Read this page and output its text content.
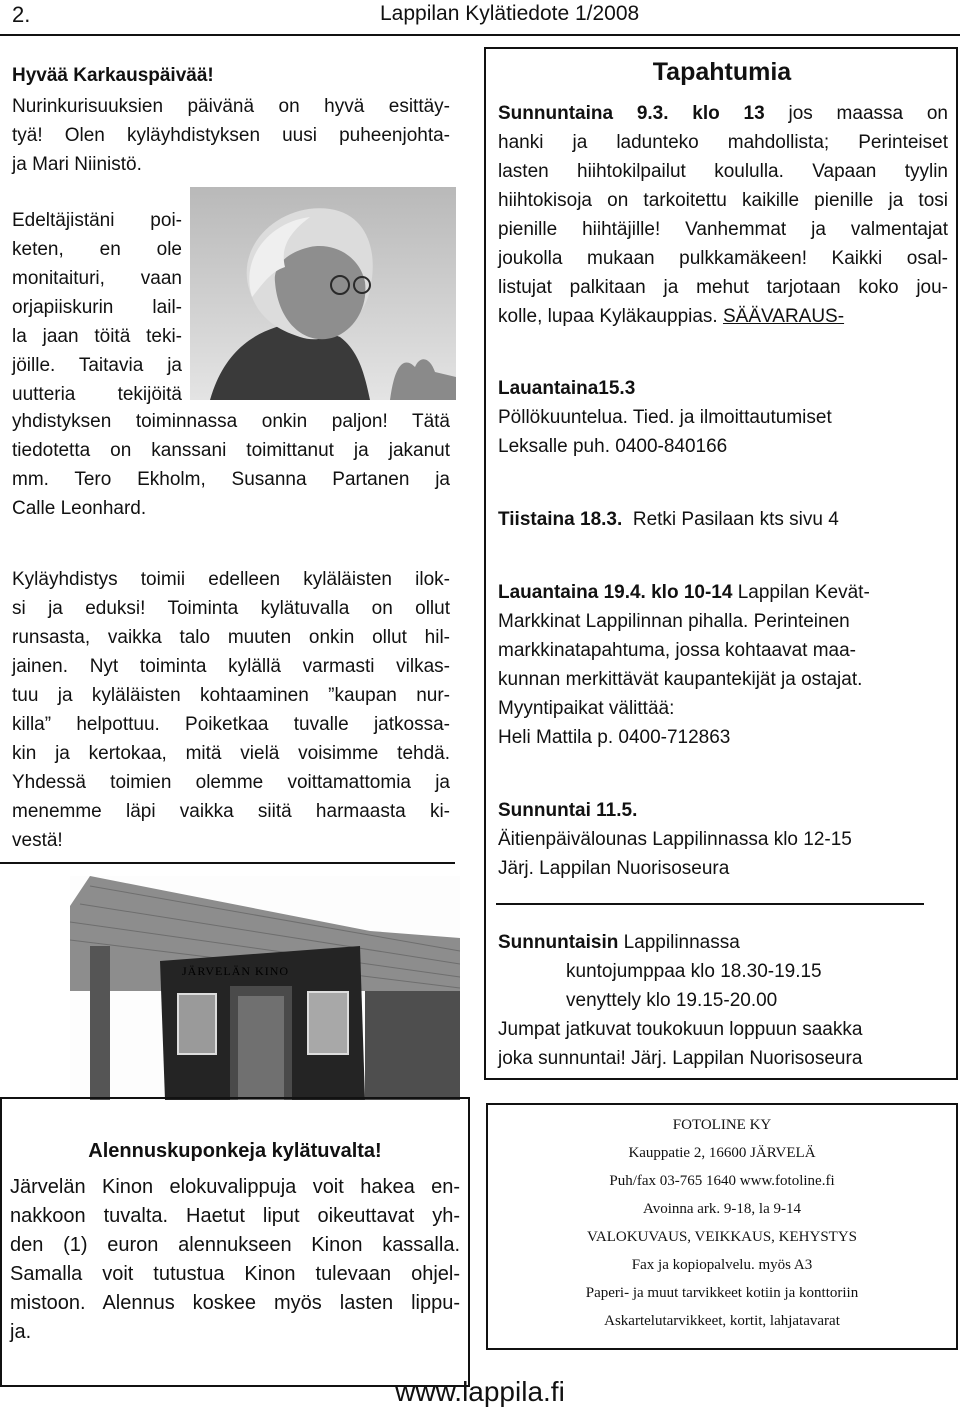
2.	Lappilan Kylätiedote 1/2008
Hyvää Karkauspäivää!

Nurinkurisuuksien päivänä on hyvä esittäy-

tyä! Olen kyläyhdistyksen uusi puheenjohta-

ja Mari Niinistö.

Edeltäjistäni poi-

keten, en ole

monitaituri, vaan

orjapiiskurin lail-

la jaan töitä teki-

jöille. Taitavia ja

uutteria tekijöitä

yhdistyksen toiminnassa onkin paljon! Tätä

tiedotetta on kanssani toimittanut ja jakanut

mm. Tero Ekholm, Susanna Partanen ja

Calle Leonhard.

Kyläyhdistys toimii edelleen kyläläisten ilok-

si ja eduksi! Toiminta kylätuvalla on ollut

runsasta, vaikka talo muuten onkin ollut hil-

jainen. Nyt toiminta kylällä varmasti vilkas-

tuu ja kyläläisten kohtaaminen ”kaupan nur-

killa” helpottuu. Poiketkaa tuvalle jatkossa-

kin ja kertokaa, mitä vielä voisimme tehdä.

Yhdessä toimien olemme voittamattomia ja

menemme läpi vaikka siitä harmaasta ki-

vestä!

JÄRVELÄN KINO
Alennuskuponkeja kylätuvalta!

Järvelän Kinon elokuvalippuja voit hakea en-

nakkoon tuvalta. Haetut liput oikeuttavat yh-

den (1) euron alennukseen Kinon kassalla.

Samalla voit tutustua Kinon tulevaan ohjel-

mistoon. Alennus koskee myös lasten lippu-

ja.

Tapahtumia

Sunnuntaina 9.3. klo 13 jos maassa on

hanki ja ladunteko mahdollista; Perinteiset

lasten hiihtokilpailut koululla. Vapaan tyylin

hiihtokisoja on tarkoitettu kaikille pienille ja tosi

pienille hiihtäjille! Vanhemmat ja valmentajat

joukolla mukaan pulkkamäkeen! Kaikki osal-

listujat palkitaan ja mehut tarjotaan koko jou-

kolle, lupaa Kyläkauppias. SÄÄVARAUS-

Lauantaina15.3

Pöllökuuntelua. Tied. ja ilmoittautumiset

Leksalle puh. 0400-840166

Tiistaina 18.3. Retki Pasilaan kts sivu 4

Lauantaina 19.4. klo 10-14 Lappilan Kevät-

Markkinat Lappilinnan pihalla. Perinteinen

markkinatapahtuma, jossa kohtaavat maa-

kunnan merkittävät kaupantekijät ja ostajat.

Myyntipaikat välittää:

Heli Mattila p. 0400-712863

Sunnuntai 11.5.

Äitienpäivälounas Lappilinnassa klo 12-15

Järj. Lappilan Nuorisoseura

Sunnuntaisin Lappilinnassa

kuntojumppaa klo 18.30-19.15

venyttely klo 19.15-20.00

Jumpat jatkuvat toukokuun loppuun saakka

joka sunnuntai! Järj. Lappilan Nuorisoseura

FOTOLINE KY

Kauppatie 2, 16600 JÄRVELÄ

Puh/fax 03-765 1640 www.fotoline.fi

Avoinna ark. 9-18, la 9-14

VALOKUVAUS, VEIKKAUS, KEHYSTYS

Fax ja kopiopalvelu. myös A3

Paperi- ja muut tarvikkeet kotiin ja konttoriin

Askartelutarvikkeet, kortit, lahjatavarat

www.lappila.fi
